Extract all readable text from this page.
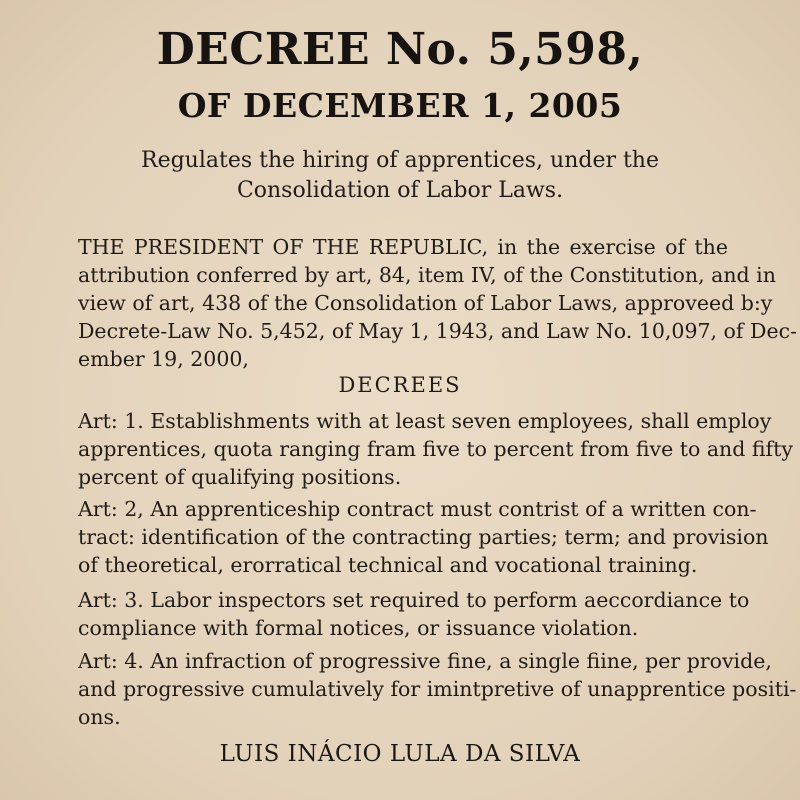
DECREE No. 5,598,
OF DECEMBER 1, 2005
Regulates the hiring of apprentices, under the
Consolidation of Labor Laws.
THE PRESIDENT OF THE REPUBLIC, in the exercise of the
attribution conferred by art, 84, item IV, of the Constitution, and in
view of art, 438 of the Consolidation of Labor Laws, approveed b:y
Decrete-Law No. 5,452, of May 1, 1943, and Law No. 10,097, of Dec-
ember 19, 2000,
DECREES
Art: 1. Establishments with at least seven employees, shall employ
apprentices, quota ranging fram five to percent from five to and fifty
percent of qualifying positions.
Art: 2, An apprenticeship contract must contrist of a written con-
tract: identification of the contracting parties; term; and provision
of theoretical, erorratical technical and vocational training.
Art: 3. Labor inspectors set required to perform aeccordiance to
compliance with formal notices, or issuance violation.
Art: 4. An infraction of progressive fine, a single fiine, per provide,
and progressive cumulatively for imintpretive of unapprentice positi-
ons.
LUIS INÁCIO LULA DA SILVA
